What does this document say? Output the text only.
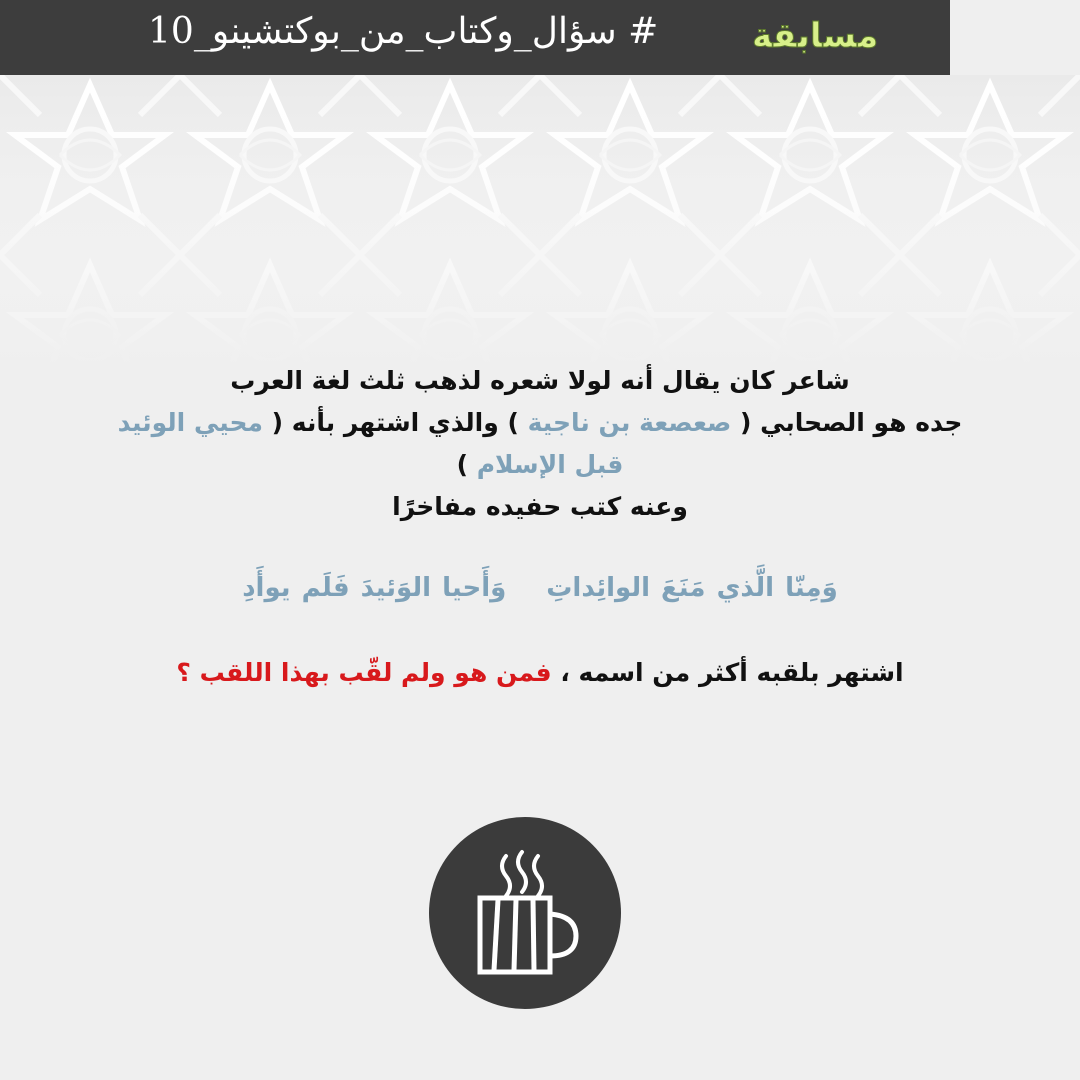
# سؤال_وكتاب_من_بوكتشينو_10	مسابقة
شاعر كان يقال أنه لولا شعره لذهب ثلث لغة العرب
جده هو الصحابي ( صعصعة بن ناجية ) والذي اشتهر بأنه ( محيي الوئيد
قبل الإسلام )
وعنه كتب حفيده مفاخرًا
وَمِنّا الَّذي مَنَعَ الوائِداتِوَأَحيا الوَئيدَ فَلَم يوأَدِ
اشتهر بلقبه أكثر من اسمه ، فمن هو ولم لقّب بهذا اللقب ؟
